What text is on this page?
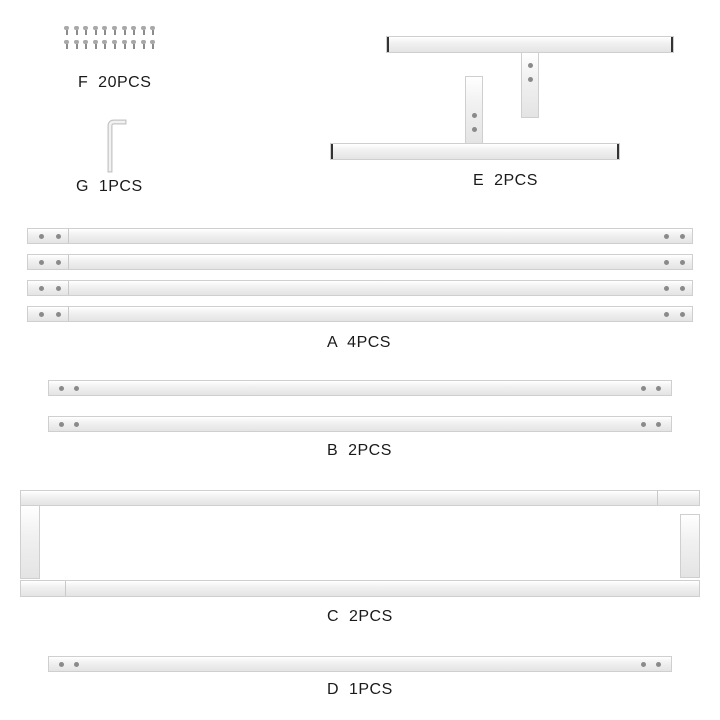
F  20PCS
G  1PCS	E  2PCS
A  4PCS
B  2PCS
C  2PCS
D  1PCS
